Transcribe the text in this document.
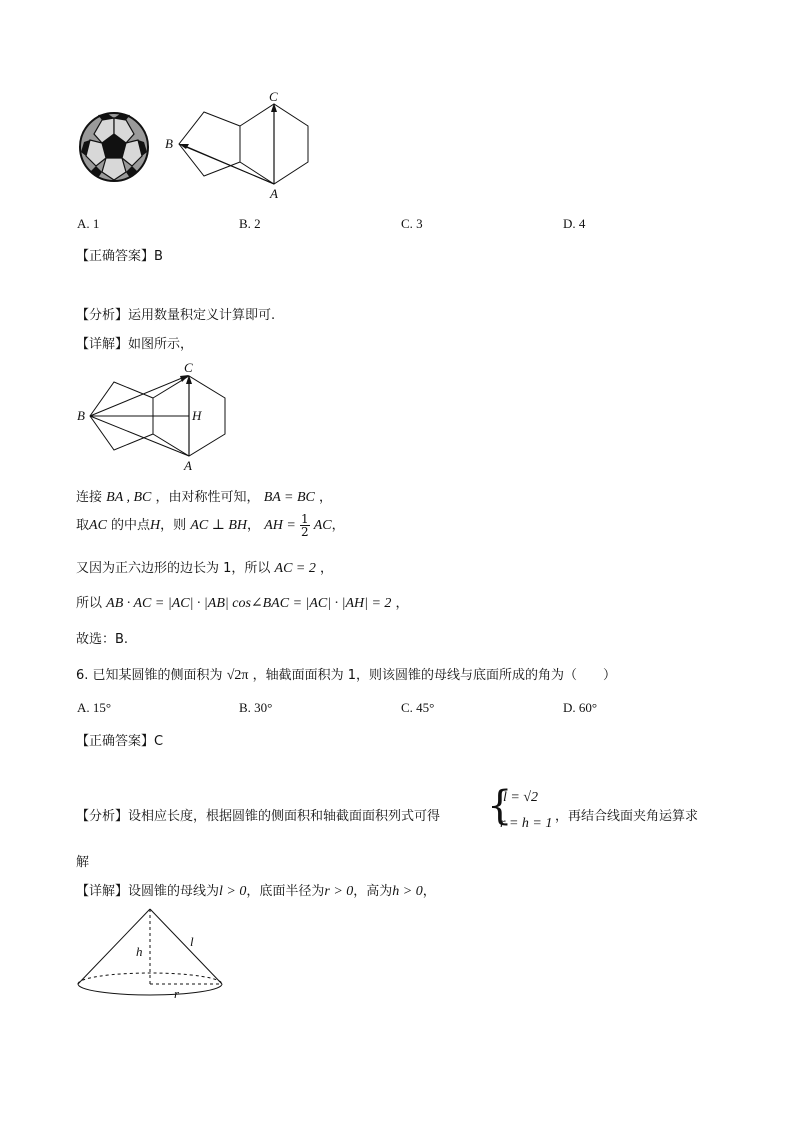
B
C
A
A. 1	B. 2	C. 3	D. 4
【正确答案】B
【分析】运用数量积定义计算即可.
【详解】如图所示，
B
C
H
A
连接 BA , BC ，由对称性可知， BA = BC ，
取AC 的中点H，则 AC ⊥ BH， AH = $\frac{1}{2}$ AC，
又因为正六边形的边长为 1，所以 AC = 2 ，
所以 AB · AC = |AC| · |AB| cos∠BAC = |AC| · |AH| = 2 ，
故选：B.
6. 已知某圆锥的侧面积为 √2π ，轴截面面积为 1，则该圆锥的母线与底面所成的角为（　　）
A. 15°	B. 30°	C. 45°	D. 60°
【正确答案】C
【分析】设相应长度，根据圆锥的侧面积和轴截面面积列式可得 {
l = √2
r = h = 1 ，再结合线面夹角运算求
解
【详解】设圆锥的母线为l > 0，底面半径为r > 0，高为h > 0，
h
l
r
